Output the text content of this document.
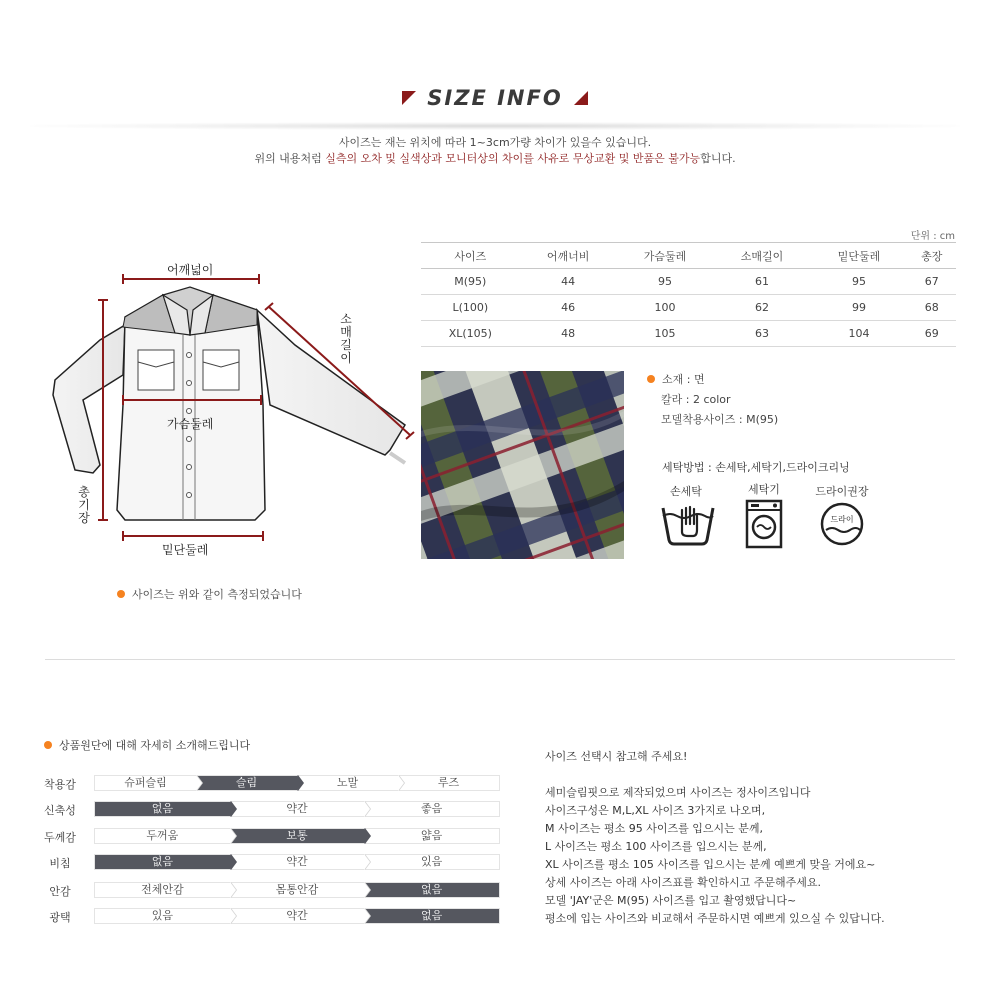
SIZE INFO
사이즈는 재는 위치에 따라 1~3cm가량 차이가 있을수 있습니다.
위의 내용처럼 실측의 오차 및 실색상과 모니터상의 차이를 사유로 무상교환 및 반품은 불가능합니다.
단위 : cm
사이즈	어깨너비	가슴둘레	소매길이	밑단둘레	총장
M(95)	44	95	61	95	67
L(100)	46	100	62	99	68
XL(105)	48	105	63	104	69
어깨넓이
소
매
길
이
가슴둘레
총
기
장
밑단둘레
사이즈는 위와 같이 측정되었습니다
소재 : 면
칼라 : 2 color
모델착용사이즈 : M(95)
세탁방법 : 손세탁,세탁기,드라이크리닝
손세탁	세탁기	드라이권장
드라이
상품원단에 대해 자세히 소개해드립니다
착용감	슈퍼슬림	슬림	노말	루즈
신축성	없음	약간	좋음
두께감	두꺼움	보통	얇음
비침	없음	약간	있음
안감	전체안감	몸통안감	없음
광택	있음	약간	없음
사이즈 선택시 참고해 주세요!
세미슬림핏으로 제작되었으며 사이즈는 정사이즈입니다
사이즈구성은 M,L,XL 사이즈 3가지로 나오며,
M 사이즈는 평소 95 사이즈를 입으시는 분께,
L 사이즈는 평소 100 사이즈를 입으시는 분께,
XL 사이즈를 평소 105 사이즈를 입으시는 분께 예쁘게 맞을 거에요~
상세 사이즈는 아래 사이즈표를 확인하시고 주문해주세요.
모델 'JAY'군은 M(95) 사이즈를 입고 촬영했답니다~
평소에 입는 사이즈와 비교해서 주문하시면 예쁘게 있으실 수 있답니다.
